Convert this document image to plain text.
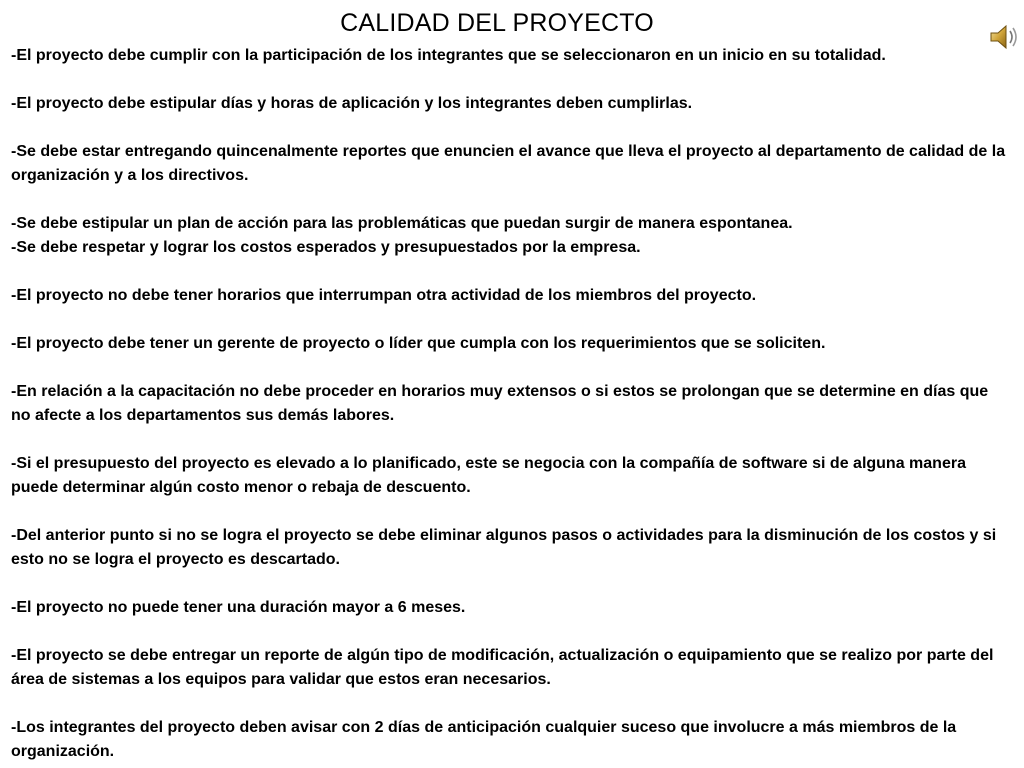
CALIDAD DEL PROYECTO

-El proyecto debe cumplir con la participación de los integrantes que se seleccionaron en un inicio en su totalidad.

-El proyecto debe estipular días y horas de aplicación y los integrantes deben cumplirlas.

-Se debe estar entregando quincenalmente reportes que enuncien el avance que lleva el proyecto al departamento de calidad de la organización y a los directivos.

-Se debe estipular un plan de acción para las problemáticas que puedan surgir de manera espontanea.

-Se debe respetar y lograr los costos esperados y presupuestados por la empresa.

-El proyecto no debe tener horarios que interrumpan otra actividad de los miembros del proyecto.

-El proyecto debe tener un gerente de proyecto o líder que cumpla con los requerimientos que se soliciten.

-En relación a la capacitación no debe proceder en horarios muy extensos o si estos se prolongan que se determine en días que no afecte a los departamentos sus demás labores.

-Si el presupuesto del proyecto es elevado a lo planificado, este se negocia con la compañía de software si de alguna manera puede determinar algún costo menor o rebaja de descuento.

-Del anterior punto si no se logra el proyecto se debe eliminar algunos pasos o actividades para la disminución de los costos y si esto no se logra el proyecto es descartado.

-El proyecto no puede tener una duración mayor a 6 meses.

-El proyecto se debe entregar un reporte de algún tipo de modificación, actualización o equipamiento que se realizo por parte del área de sistemas a los equipos para validar que estos eran necesarios.

-Los integrantes del proyecto deben avisar con 2 días de anticipación cualquier suceso que involucre a más miembros de la organización.
